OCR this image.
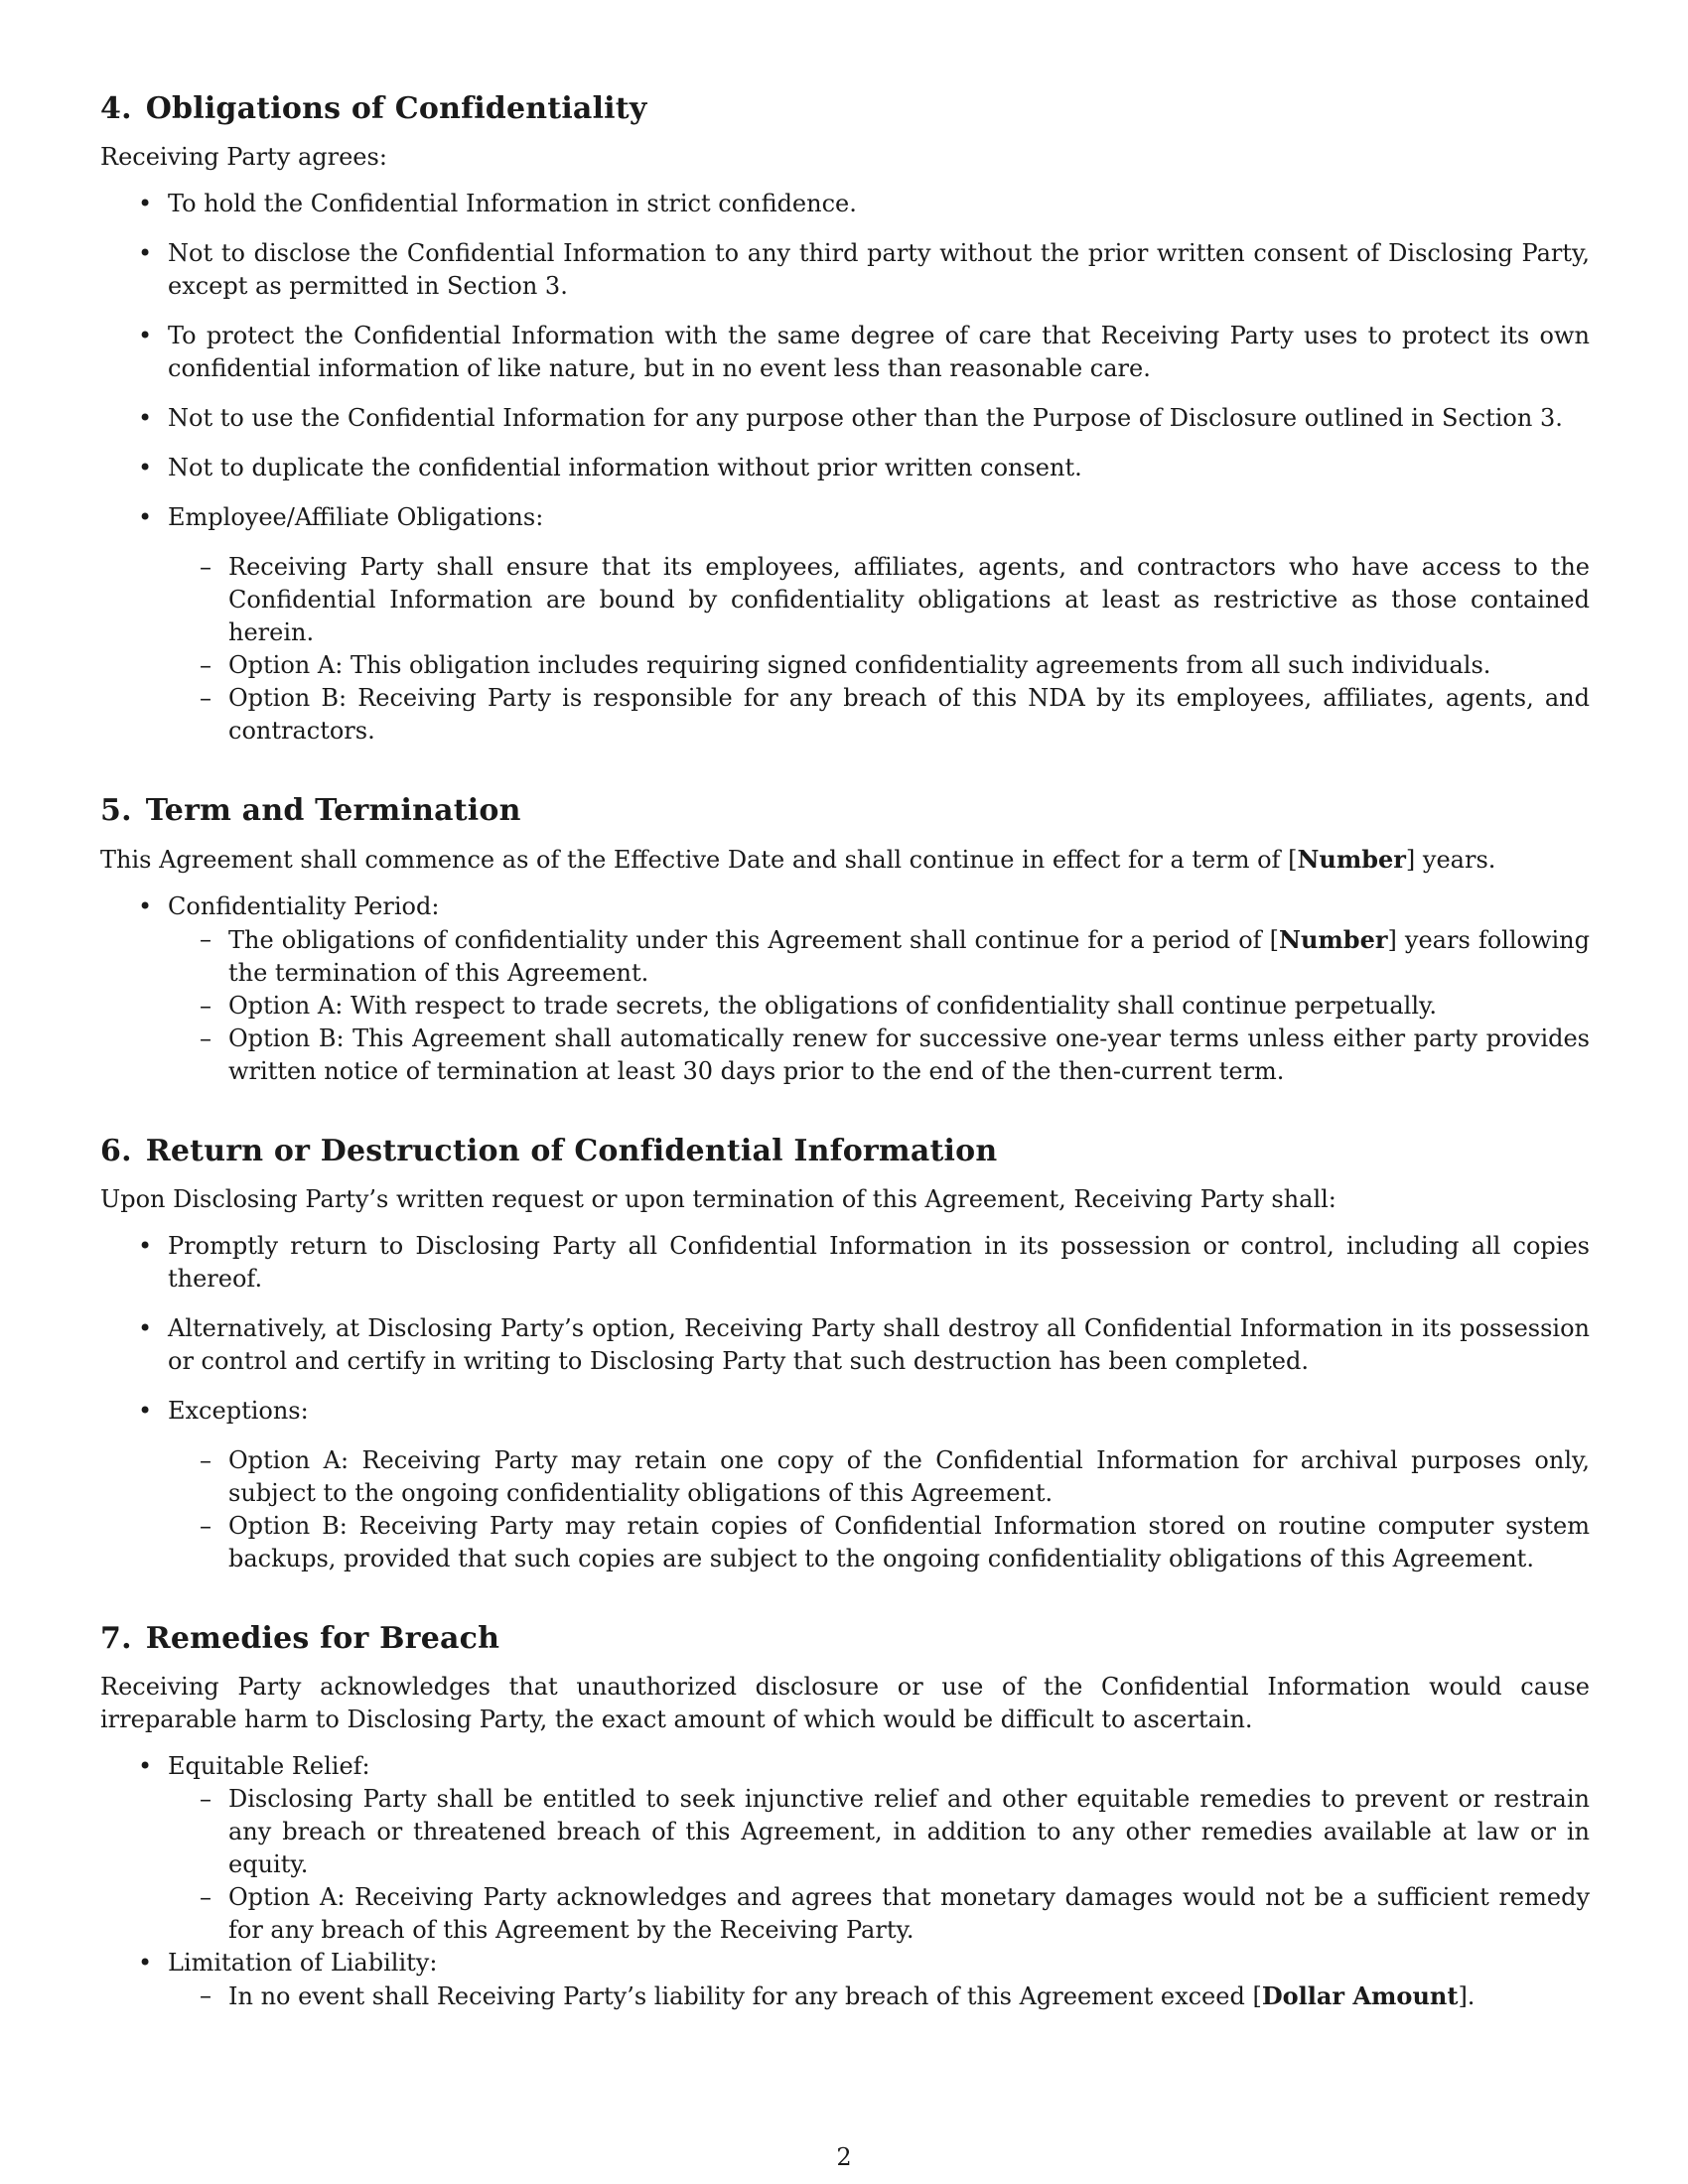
4. Obligations of Confidentiality

Receiving Party agrees:

• To hold the Confidential Information in strict confidence.
• Not to disclose the Confidential Information to any third party without the prior written consent of Disclosing Party, except as permitted in Section 3.
• To protect the Confidential Information with the same degree of care that Receiving Party uses to protect its own confidential information of like nature, but in no event less than reasonable care.
• Not to use the Confidential Information for any purpose other than the Purpose of Disclosure outlined in Section 3.
• Not to duplicate the confidential information without prior written consent.
• Employee/Affiliate Obligations:
– Receiving Party shall ensure that its employees, affiliates, agents, and contractors who have access to the Confidential Information are bound by confidentiality obligations at least as restrictive as those contained herein.
– Option A: This obligation includes requiring signed confidentiality agreements from all such individuals.
– Option B: Receiving Party is responsible for any breach of this NDA by its employees, affiliates, agents, and contractors.
5. Term and Termination

This Agreement shall commence as of the Effective Date and shall continue in effect for a term of [Number] years.

• Confidentiality Period:
– The obligations of confidentiality under this Agreement shall continue for a period of [Number] years following the termination of this Agreement.
– Option A: With respect to trade secrets, the obligations of confidentiality shall continue perpetually.
– Option B: This Agreement shall automatically renew for successive one-year terms unless either party provides written notice of termination at least 30 days prior to the end of the then-current term.
6. Return or Destruction of Confidential Information

Upon Disclosing Party’s written request or upon termination of this Agreement, Receiving Party shall:

• Promptly return to Disclosing Party all Confidential Information in its possession or control, including all copies thereof.
• Alternatively, at Disclosing Party’s option, Receiving Party shall destroy all Confidential Information in its possession or control and certify in writing to Disclosing Party that such destruction has been completed.
• Exceptions:
– Option A: Receiving Party may retain one copy of the Confidential Information for archival purposes only, subject to the ongoing confidentiality obligations of this Agreement.
– Option B: Receiving Party may retain copies of Confidential Information stored on routine computer system backups, provided that such copies are subject to the ongoing confidentiality obligations of this Agreement.
7. Remedies for Breach

Receiving Party acknowledges that unauthorized disclosure or use of the Confidential Information would cause irreparable harm to Disclosing Party, the exact amount of which would be difficult to ascertain.

• Equitable Relief:
– Disclosing Party shall be entitled to seek injunctive relief and other equitable remedies to prevent or restrain any breach or threatened breach of this Agreement, in addition to any other remedies available at law or in equity.
– Option A: Receiving Party acknowledges and agrees that monetary damages would not be a sufficient remedy for any breach of this Agreement by the Receiving Party.
• Limitation of Liability:
– In no event shall Receiving Party’s liability for any breach of this Agreement exceed [Dollar Amount].
2
